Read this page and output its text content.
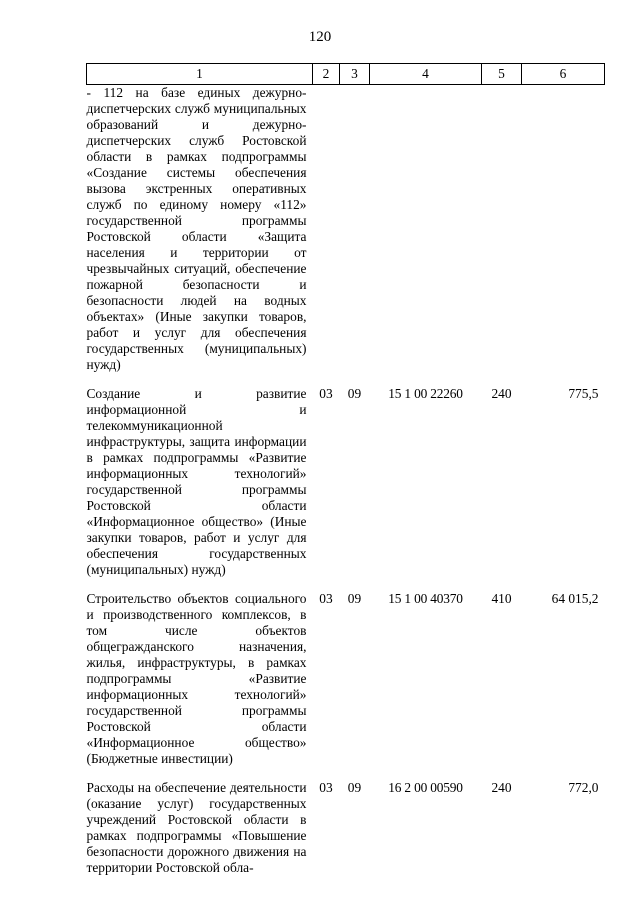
120
1	2	3	4	5	6
- 112 на базе единых дежурно-диспетчерских служб муниципальных образований и дежурно-диспетчерских служб Ростовской области в рамках подпрограммы «Создание системы обеспечения вызова экстренных оперативных служб по единому номеру «112» государственной программы Ростовской области «Защита населения и территории от чрезвычайных ситуаций, обеспечение пожарной безопасности и безопасности людей на водных объектах» (Иные закупки товаров, работ и услуг для обеспечения государственных (муниципальных) нужд)					
Создание и развитие информационной и телекоммуникационной инфраструктуры, защита информации в рамках подпрограммы «Развитие информационных технологий» государственной программы Ростовской области «Информационное общество» (Иные закупки товаров, работ и услуг для обеспечения государственных (муниципальных) нужд)	03	09	15 1 00 22260	240	775,5
Строительство объектов социального и производственного комплексов, в том числе объектов общегражданского назначения, жилья, инфраструктуры, в рамках подпрограммы «Развитие информационных технологий» государственной программы Ростовской области «Информационное общество» (Бюджетные инвестиции)	03	09	15 1 00 40370	410	64 015,2
Расходы на обеспечение деятельности (оказание услуг) государственных учреждений Ростовской области в рамках подпрограммы «Повышение безопасности дорожного движения на территории Ростовской обла-	03	09	16 2 00 00590	240	772,0
